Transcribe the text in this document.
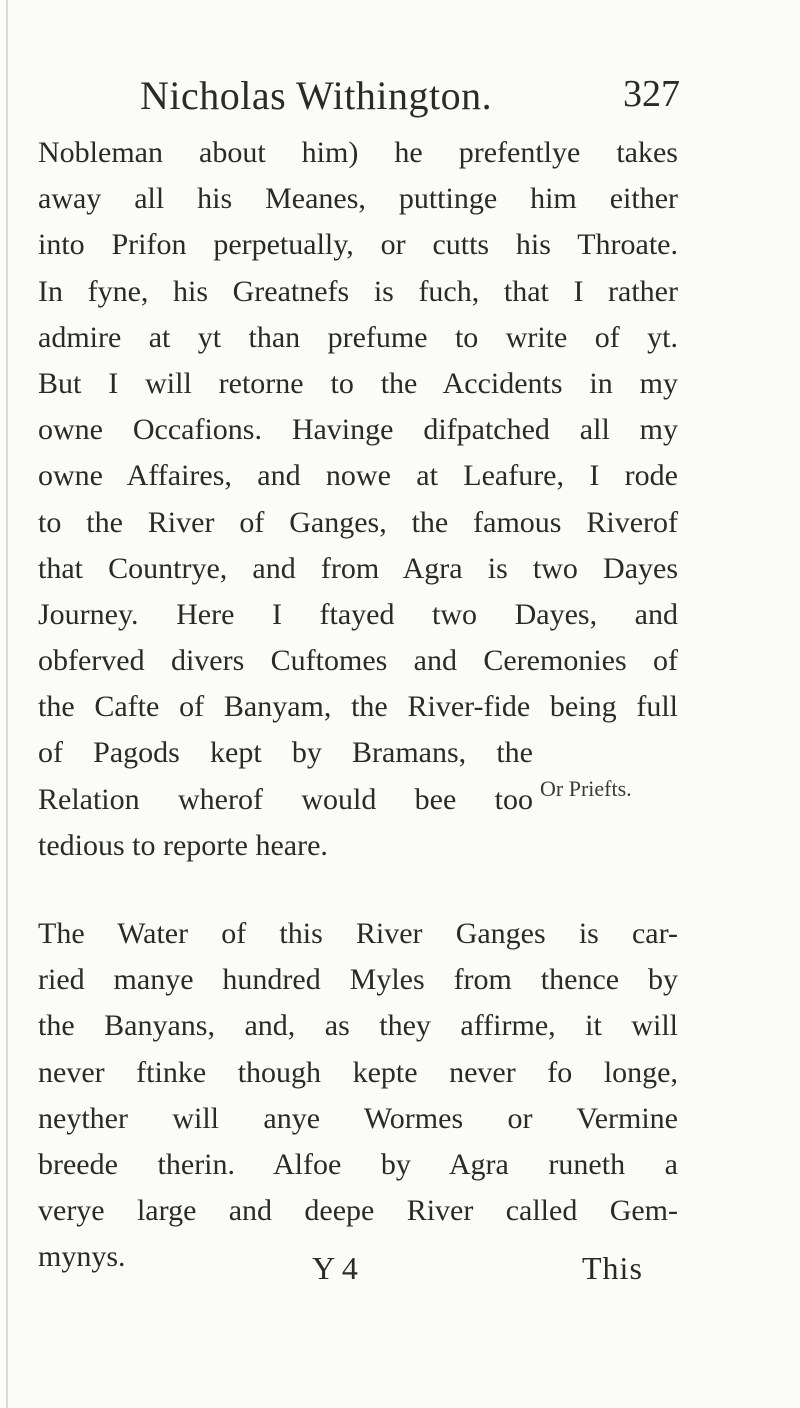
Nicholas Withington.	327
Nobleman about him) he prefentlye takes
away all his Meanes, puttinge him either
into Prifon perpetually, or cutts his Throate.
In fyne, his Greatnefs is fuch, that I rather
admire at yt than prefume to write of yt.
But I will retorne to the Accidents in my
owne Occafions. Havinge difpatched all my
owne Affaires, and nowe at Leafure, I rode
to the River of Ganges, the famous Riverof
that Countrye, and from Agra is two Dayes
Journey. Here I ftayed two Dayes, and
obferved divers Cuftomes and Ceremonies of
the Cafte of Banyam, the River-fide being full
of Pagods kept by Bramans, the
Relation wherof would bee too
tedious to reporte heare.
The Water of this River Ganges is car-
ried manye hundred Myles from thence by
the Banyans, and, as they affirme, it will
never ftinke though kepte never fo longe,
neyther will anye Wormes or Vermine
breede therin. Alfoe by Agra runeth a
verye large and deepe River called Gem-
mynys.
Or Priefts.
Y 4	This
